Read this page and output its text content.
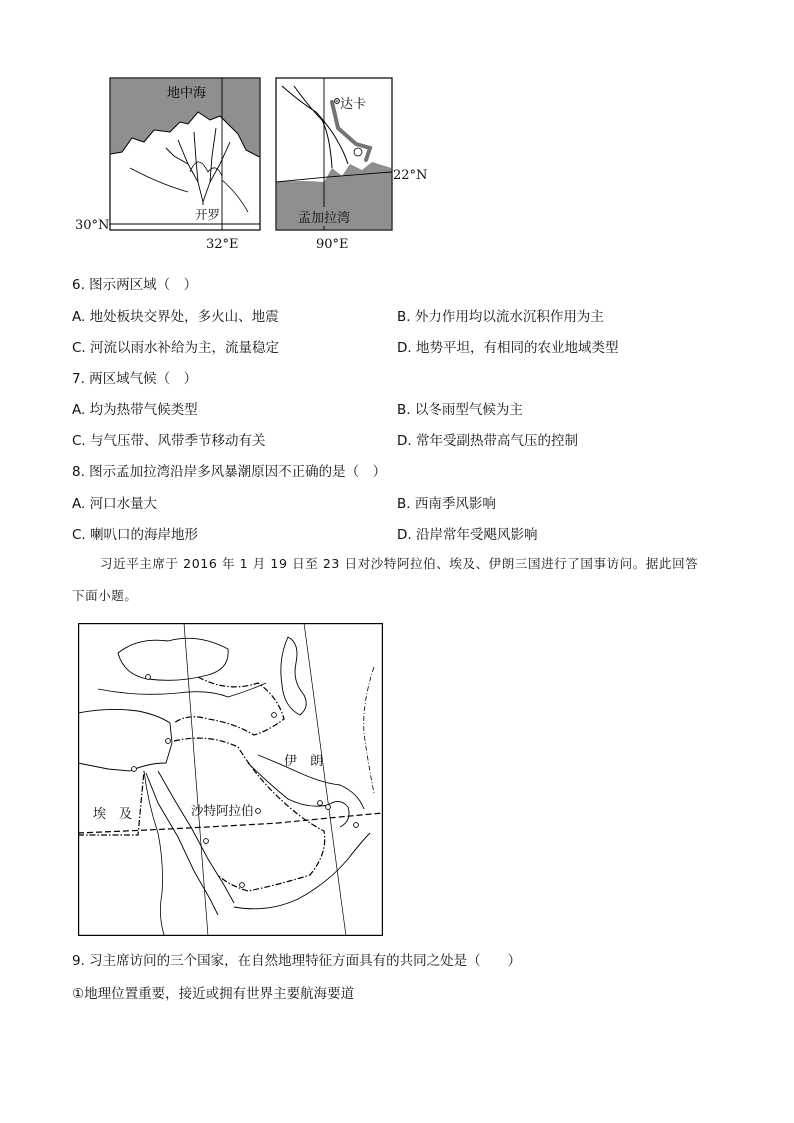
地中海
开罗
30°N
32°E
达卡
孟加拉湾
22°N
90°E
6. 图示两区域（　）
A. 地处板块交界处，多火山、地震	B. 外力作用均以流水沉积作用为主
C. 河流以雨水补给为主，流量稳定	D. 地势平坦，有相同的农业地域类型
7. 两区域气候（　）
A. 均为热带气候类型	B. 以冬雨型气候为主
C. 与气压带、风带季节移动有关	D. 常年受副热带高气压的控制
8. 图示孟加拉湾沿岸多风暴潮原因不正确的是（　）
A. 河口水量大	B. 西南季风影响
C. 喇叭口的海岸地形	D. 沿岸常年受飓风影响
习近平主席于 2016 年 1 月 19 日至 23 日对沙特阿拉伯、埃及、伊朗三国进行了国事访问。据此回答
下面小题。
伊　朗
沙特阿拉伯
埃　及
9. 习主席访问的三个国家，在自然地理特征方面具有的共同之处是（　　）
①地理位置重要，接近或拥有世界主要航海要道
